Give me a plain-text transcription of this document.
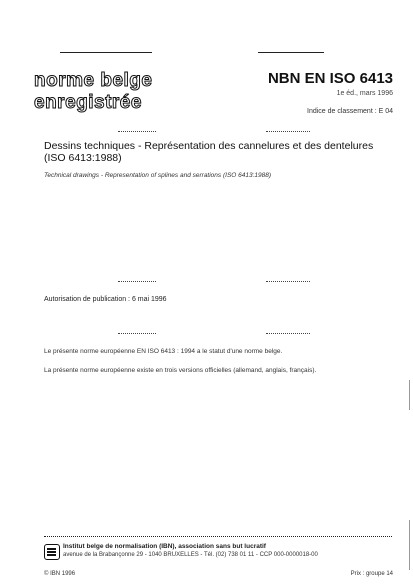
norme belge
enregistrée
NBN EN ISO 6413
1e éd., mars 1996
Indice de classement : E 04
Dessins techniques - Représentation des cannelures et des dentelures (ISO 6413:1988)
Technical drawings - Representation of splines and serrations (ISO 6413:1988)
Autorisation de publication : 6 mai 1996
Le présente norme européenne EN ISO 6413 : 1994 a le statut d'une norme belge.
La présente norme européenne existe en trois versions officielles (allemand, anglais, français).
Institut belge de normalisation (IBN), association sans but lucratif
avenue de la Brabançonne 29 - 1040 BRUXELLES - Tél. (02) 738 01 11 - CCP 000-0000018-00
© IBN 1996	Prix : groupe 14
